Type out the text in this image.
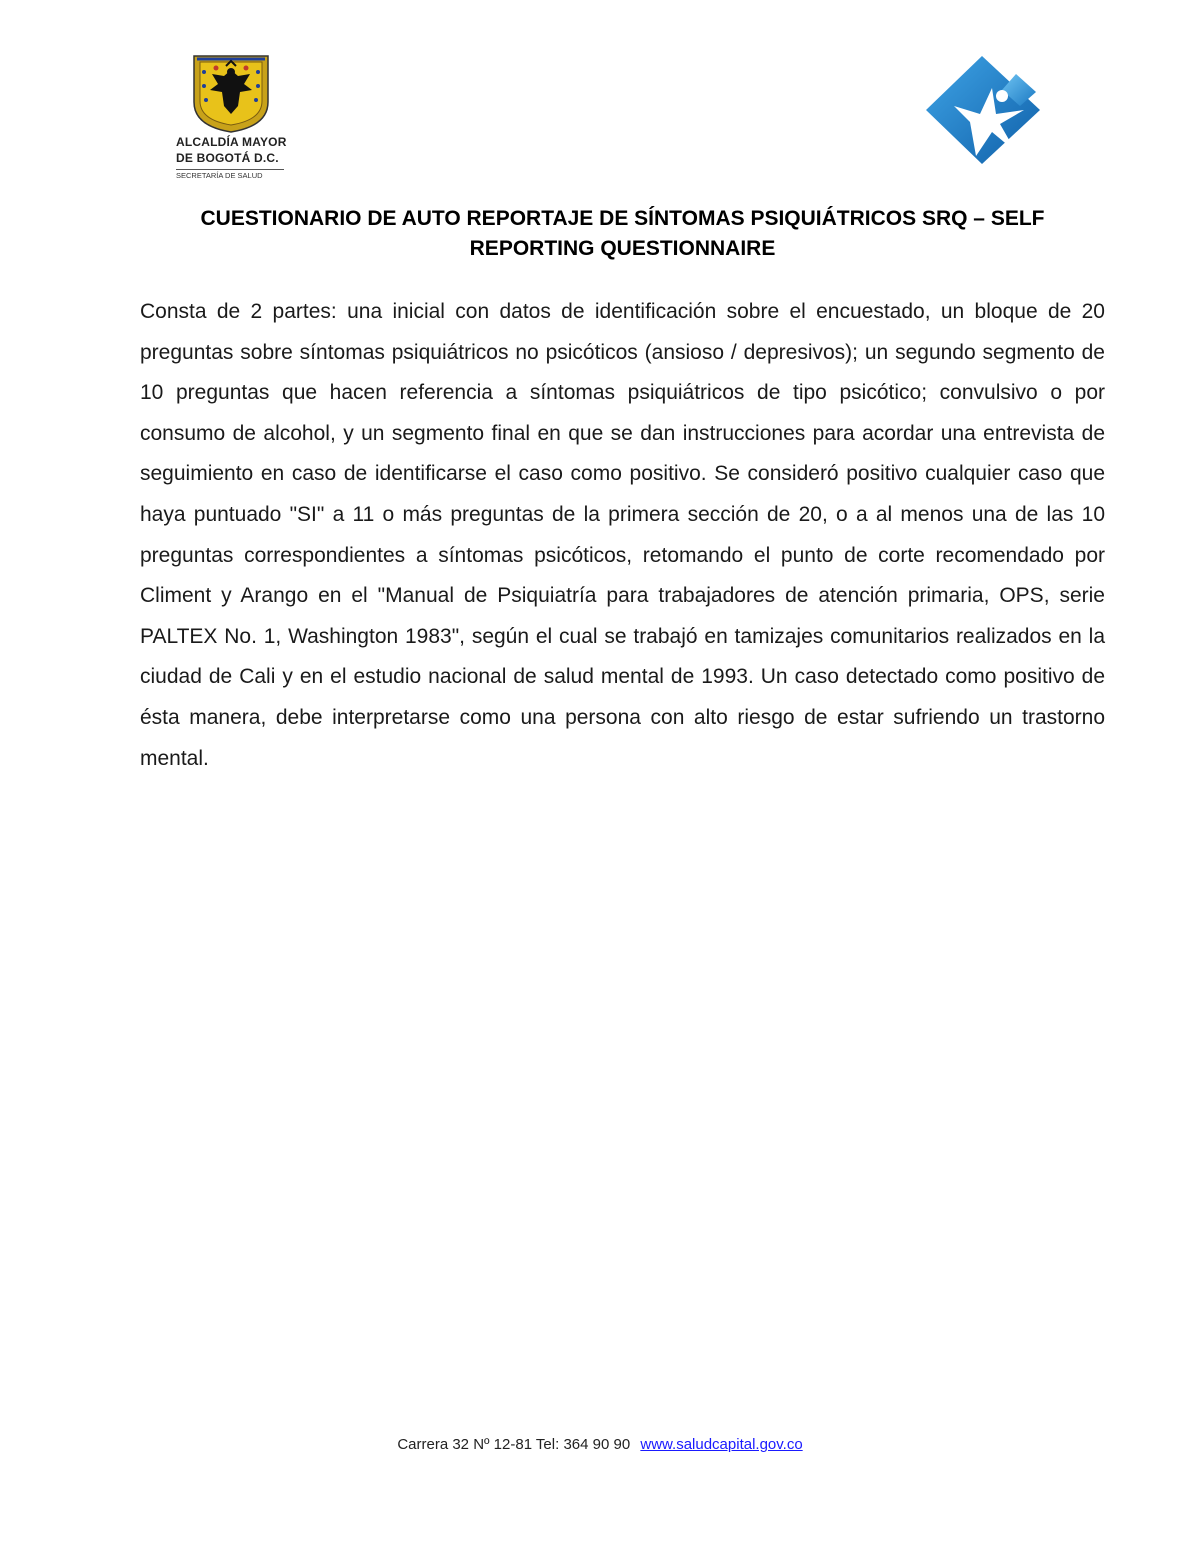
ALCALDÍA MAYOR
DE BOGOTÁ D.C.
SECRETARÍA DE SALUD
CUESTIONARIO DE AUTO REPORTAJE DE SÍNTOMAS PSIQUIÁTRICOS SRQ – SELF REPORTING QUESTIONNAIRE
Consta de 2 partes: una inicial con datos de identificación sobre el encuestado, un bloque de 20 preguntas sobre síntomas psiquiátricos no psicóticos (ansioso / depresivos); un segundo segmento de 10 preguntas que hacen referencia a síntomas psiquiátricos de tipo psicótico; convulsivo o por consumo de alcohol, y un segmento final en que se dan instrucciones para acordar una entrevista de seguimiento en caso de identificarse el caso como positivo. Se consideró positivo cualquier caso que haya puntuado "SI" a 11 o más preguntas de la primera sección de 20, o a al menos una de las 10 preguntas correspondientes a síntomas psicóticos, retomando el punto de corte recomendado por Climent y Arango en el "Manual de Psiquiatría para trabajadores de atención primaria, OPS, serie PALTEX No. 1, Washington 1983", según el cual se trabajó en tamizajes comunitarios realizados en la ciudad de Cali y en el estudio nacional de salud mental de 1993. Un caso detectado como positivo de ésta manera, debe interpretarse como una persona con alto riesgo de estar sufriendo un trastorno mental.
Carrera 32 Nº 12-81 Tel: 364 90 90 www.saludcapital.gov.co
